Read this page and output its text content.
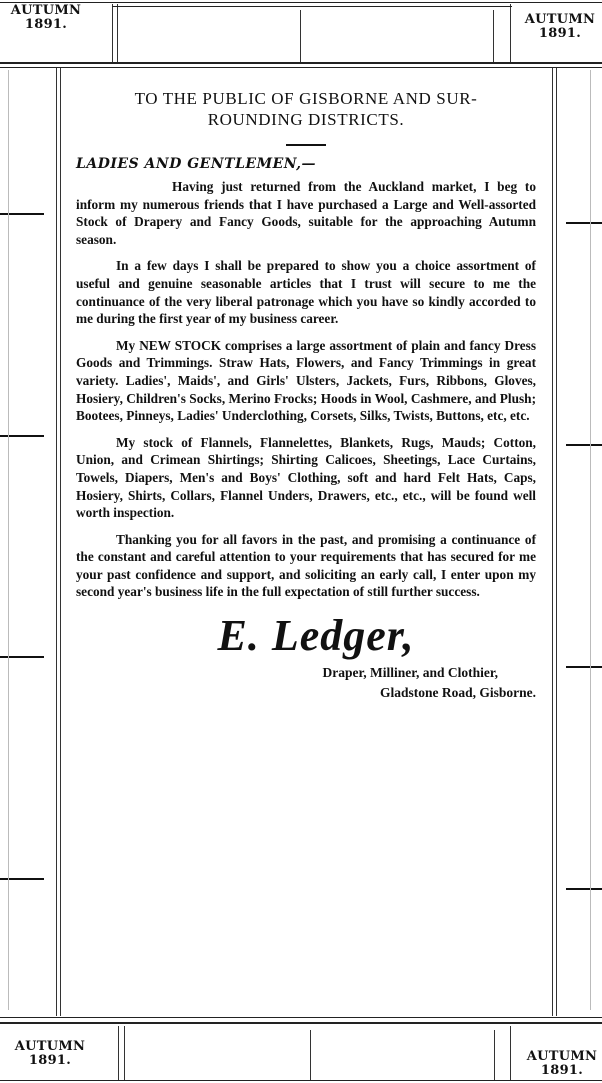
AUTUMN
1891.	AUTUMN
1891.
TO THE PUBLIC OF GISBORNE AND SUR-
ROUNDING DISTRICTS.
LADIES AND GENTLEMEN,—

Having just returned from the Auckland market, I beg to inform my numerous friends that I have purchased a Large and Well-assorted Stock of Drapery and Fancy Goods, suitable for the approaching Autumn season.

In a few days I shall be prepared to show you a choice assortment of useful and genuine seasonable articles that I trust will secure to me the continuance of the very liberal patronage which you have so kindly accorded to me during the first year of my business career.

My NEW STOCK comprises a large assortment of plain and fancy Dress Goods and Trimmings. Straw Hats, Flowers, and Fancy Trimmings in great variety. Ladies', Maids', and Girls' Ulsters, Jackets, Furs, Ribbons, Gloves, Hosiery, Children's Socks, Merino Frocks; Hoods in Wool, Cashmere, and Plush; Bootees, Pinneys, Ladies' Underclothing, Corsets, Silks, Twists, Buttons, etc, etc.

My stock of Flannels, Flannelettes, Blankets, Rugs, Mauds; Cotton, Union, and Crimean Shirtings; Shirting Calicoes, Sheetings, Lace Curtains, Towels, Diapers, Men's and Boys' Clothing, soft and hard Felt Hats, Caps, Hosiery, Shirts, Collars, Flannel Unders, Drawers, etc., etc., will be found well worth inspection.

Thanking you for all favors in the past, and promising a continuance of the constant and careful attention to your requirements that has secured for me your past confidence and support, and soliciting an early call, I enter upon my second year's business life in the full expectation of still further success.

E. Ledger,
Draper, Milliner, and Clothier,
Gladstone Road, Gisborne.
AUTUMN
1891.	AUTUMN
1891.
